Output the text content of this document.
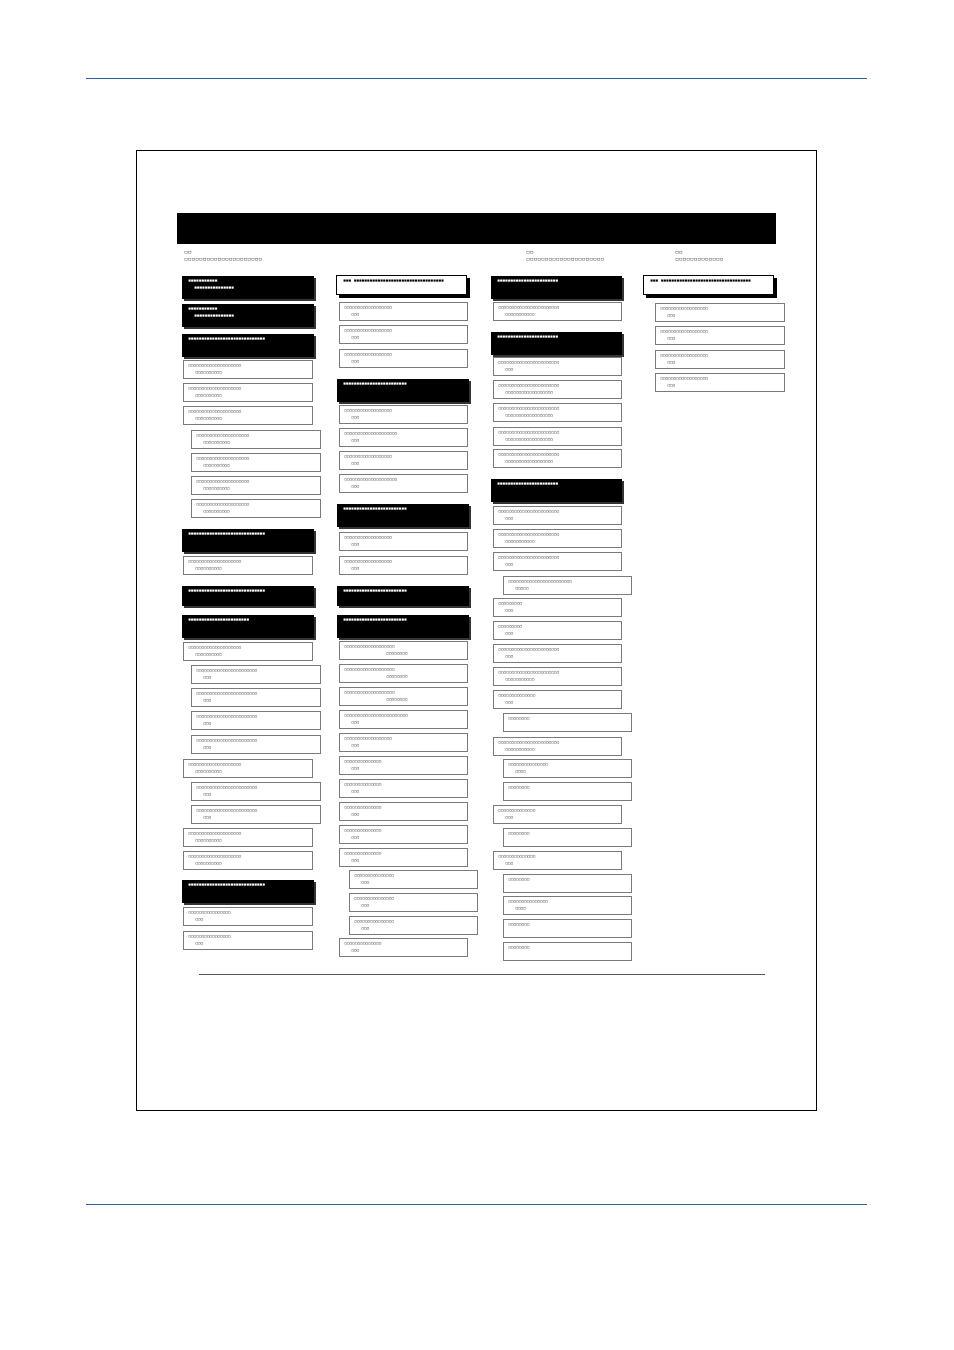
▫▫
▫▫▫▫▫▫▫▫▫▫▫▫▫▫▫▫▫▫▫▫▫
▫▫
▫▫▫▫▫▫▫▫▫▫▫▫▫▫▫▫▫▫▫▫▫
▫▫
▫▫▫▫▫▫▫▫▫▫▫▫▫
▪▪▪▪▪▪▪▪▪▪▪
▪▪▪▪▪▪▪▪▪▪▪▪▪▪▪
▪▪▪▪▪▪▪▪▪▪▪
▪▪▪▪▪▪▪▪▪▪▪▪▪▪▪
▪▪▪▪▪▪▪▪▪▪▪▪▪▪▪▪▪▪▪▪▪▪▪▪▪▪▪▪▪
▫▫▫▫▫▫▫▫▫▫▫▫▫▫▫▫▫▫▫▫
▫▫▫▫▫▫▫▫▫▫
▫▫▫▫▫▫▫▫▫▫▫▫▫▫▫▫▫▫▫▫
▫▫▫▫▫▫▫▫▫▫
▫▫▫▫▫▫▫▫▫▫▫▫▫▫▫▫▫▫▫▫
▫▫▫▫▫▫▫▫▫▫
▫▫▫▫▫▫▫▫▫▫▫▫▫▫▫▫▫▫▫▫
▫▫▫▫▫▫▫▫▫▫
▫▫▫▫▫▫▫▫▫▫▫▫▫▫▫▫▫▫▫▫
▫▫▫▫▫▫▫▫▫▫
▫▫▫▫▫▫▫▫▫▫▫▫▫▫▫▫▫▫▫▫
▫▫▫▫▫▫▫▫▫▫
▫▫▫▫▫▫▫▫▫▫▫▫▫▫▫▫▫▫▫▫
▫▫▫▫▫▫▫▫▫▫
▪▪▪▪▪▪▪▪▪▪▪▪▪▪▪▪▪▪▪▪▪▪▪▪▪▪▪▪▪
▫▫▫▫▫▫▫▫▫▫▫▫▫▫▫▫▫▫▫▫
▫▫▫▫▫▫▫▫▫▫
▪▪▪▪▪▪▪▪▪▪▪▪▪▪▪▪▪▪▪▪▪▪▪▪▪▪▪▪▪
▪▪▪▪▪▪▪▪▪▪▪▪▪▪▪▪▪▪▪▪▪▪▪
▫▫▫▫▫▫▫▫▫▫▫▫▫▫▫▫▫▫▫▫
▫▫▫▫▫▫▫▫▫▫
▫▫▫▫▫▫▫▫▫▫▫▫▫▫▫▫▫▫▫▫▫▫▫
▫▫▫
▫▫▫▫▫▫▫▫▫▫▫▫▫▫▫▫▫▫▫▫▫▫▫
▫▫▫
▫▫▫▫▫▫▫▫▫▫▫▫▫▫▫▫▫▫▫▫▫▫▫
▫▫▫
▫▫▫▫▫▫▫▫▫▫▫▫▫▫▫▫▫▫▫▫▫▫▫
▫▫▫
▫▫▫▫▫▫▫▫▫▫▫▫▫▫▫▫▫▫▫▫
▫▫▫▫▫▫▫▫▫▫
▫▫▫▫▫▫▫▫▫▫▫▫▫▫▫▫▫▫▫▫▫▫▫
▫▫▫
▫▫▫▫▫▫▫▫▫▫▫▫▫▫▫▫▫▫▫▫▫▫▫
▫▫▫
▫▫▫▫▫▫▫▫▫▫▫▫▫▫▫▫▫▫▫▫
▫▫▫▫▫▫▫▫▫▫
▫▫▫▫▫▫▫▫▫▫▫▫▫▫▫▫▫▫▫▫
▫▫▫▫▫▫▫▫▫▫
▪▪▪▪▪▪▪▪▪▪▪▪▪▪▪▪▪▪▪▪▪▪▪▪▪▪▪▪▪
▫▫▫▫▫▫▫▫▫▫▫▫▫▫▫▫
▫▫▫
▫▫▫▫▫▫▫▫▫▫▫▫▫▫▫▫
▫▫▫
▪▪▪ ▪▪▪▪▪▪▪▪▪▪▪▪▪▪▪▪▪▪▪▪▪▪▪▪▪▪▪▪▪▪▪▪▪▪
▫▫▫▫▫▫▫▫▫▫▫▫▫▫▫▫▫▫
▫▫▫
▫▫▫▫▫▫▫▫▫▫▫▫▫▫▫▫▫▫
▫▫▫
▫▫▫▫▫▫▫▫▫▫▫▫▫▫▫▫▫▫
▫▫▫
▪▪▪▪▪▪▪▪▪▪▪▪▪▪▪▪▪▪▪▪▪▪▪▪
▫▫▫▫▫▫▫▫▫▫▫▫▫▫▫▫▫▫
▫▫▫
▫▫▫▫▫▫▫▫▫▫▫▫▫▫▫▫▫▫▫▫
▫▫▫
▫▫▫▫▫▫▫▫▫▫▫▫▫▫▫▫▫▫
▫▫▫
▫▫▫▫▫▫▫▫▫▫▫▫▫▫▫▫▫▫▫▫
▫▫▫
▪▪▪▪▪▪▪▪▪▪▪▪▪▪▪▪▪▪▪▪▪▪▪▪
▫▫▫▫▫▫▫▫▫▫▫▫▫▫▫▫▫▫
▫▫▫
▫▫▫▫▫▫▫▫▫▫▫▫▫▫▫▫▫▫
▫▫▫
▪▪▪▪▪▪▪▪▪▪▪▪▪▪▪▪▪▪▪▪▪▪▪▪
▪▪▪▪▪▪▪▪▪▪▪▪▪▪▪▪▪▪▪▪▪▪▪▪
▫▫▫▫▫▫▫▫▫▫▫▫▫▫▫▫▫▫▫
▫▫▫▫▫▫▫▫
▫▫▫▫▫▫▫▫▫▫▫▫▫▫▫▫▫▫▫
▫▫▫▫▫▫▫▫
▫▫▫▫▫▫▫▫▫▫▫▫▫▫▫▫▫▫▫
▫▫▫▫▫▫▫▫
▫▫▫▫▫▫▫▫▫▫▫▫▫▫▫▫▫▫▫▫▫▫▫▫
▫▫▫
▫▫▫▫▫▫▫▫▫▫▫▫▫▫▫▫▫▫
▫▫▫
▫▫▫▫▫▫▫▫▫▫▫▫▫▫
▫▫▫
▫▫▫▫▫▫▫▫▫▫▫▫▫▫
▫▫▫
▫▫▫▫▫▫▫▫▫▫▫▫▫▫
▫▫▫
▫▫▫▫▫▫▫▫▫▫▫▫▫▫
▫▫▫
▫▫▫▫▫▫▫▫▫▫▫▫▫▫
▫▫▫
▫▫▫▫▫▫▫▫▫▫▫▫▫▫▫
▫▫▫
▫▫▫▫▫▫▫▫▫▫▫▫▫▫▫
▫▫▫
▫▫▫▫▫▫▫▫▫▫▫▫▫▫▫
▫▫▫
▫▫▫▫▫▫▫▫▫▫▫▫▫▫
▫▫▫
▪▪▪▪▪▪▪▪▪▪▪▪▪▪▪▪▪▪▪▪▪▪▪
▫▫▫▫▫▫▫▫▫▫▫▫▫▫▫▫▫▫▫▫▫▫▫
▫▫▫▫▫▫▫▫▫▫▫
▪▪▪▪▪▪▪▪▪▪▪▪▪▪▪▪▪▪▪▪▪▪▪
▫▫▫▫▫▫▫▫▫▫▫▫▫▫▫▫▫▫▫▫▫▫▫
▫▫▫
▫▫▫▫▫▫▫▫▫▫▫▫▫▫▫▫▫▫▫▫▫▫▫
▫▫▫▫▫▫▫▫▫▫▫▫▫▫▫▫▫▫
▫▫▫▫▫▫▫▫▫▫▫▫▫▫▫▫▫▫▫▫▫▫▫
▫▫▫▫▫▫▫▫▫▫▫▫▫▫▫▫▫▫
▫▫▫▫▫▫▫▫▫▫▫▫▫▫▫▫▫▫▫▫▫▫▫
▫▫▫▫▫▫▫▫▫▫▫▫▫▫▫▫▫▫
▫▫▫▫▫▫▫▫▫▫▫▫▫▫▫▫▫▫▫▫▫▫▫
▫▫▫▫▫▫▫▫▫▫▫▫▫▫▫▫▫▫
▪▪▪▪▪▪▪▪▪▪▪▪▪▪▪▪▪▪▪▪▪▪▪
▫▫▫▫▫▫▫▫▫▫▫▫▫▫▫▫▫▫▫▫▫▫▫
▫▫▫
▫▫▫▫▫▫▫▫▫▫▫▫▫▫▫▫▫▫▫▫▫▫▫
▫▫▫▫▫▫▫▫▫▫▫
▫▫▫▫▫▫▫▫▫▫▫▫▫▫▫▫▫▫▫▫▫▫▫
▫▫▫
▫▫▫▫▫▫▫▫▫▫▫▫▫▫▫▫▫▫▫▫▫▫▫▫
▫▫▫▫▫
▫▫▫▫▫▫▫▫▫
▫▫▫
▫▫▫▫▫▫▫▫▫
▫▫▫
▫▫▫▫▫▫▫▫▫▫▫▫▫▫▫▫▫▫▫▫▫▫▫
▫▫▫
▫▫▫▫▫▫▫▫▫▫▫▫▫▫▫▫▫▫▫▫▫▫▫
▫▫▫▫▫▫▫▫▫▫▫
▫▫▫▫▫▫▫▫▫▫▫▫▫▫
▫▫▫
▫▫▫▫▫▫▫▫
▫▫▫▫▫▫▫▫▫▫▫▫▫▫▫▫▫▫▫▫▫▫▫
▫▫▫▫▫▫▫▫▫▫▫
▫▫▫▫▫▫▫▫▫▫▫▫▫▫▫
▫▫▫▫
▫▫▫▫▫▫▫▫
▫▫▫▫▫▫▫▫▫▫▫▫▫▫
▫▫▫
▫▫▫▫▫▫▫▫
▫▫▫▫▫▫▫▫▫▫▫▫▫▫
▫▫▫
▫▫▫▫▫▫▫▫
▫▫▫▫▫▫▫▫▫▫▫▫▫▫▫
▫▫▫▫
▫▫▫▫▫▫▫▫
▫▫▫▫▫▫▫▫
▪▪▪ ▪▪▪▪▪▪▪▪▪▪▪▪▪▪▪▪▪▪▪▪▪▪▪▪▪▪▪▪▪▪▪▪▪▪
▫▫▫▫▫▫▫▫▫▫▫▫▫▫▫▫▫▫
▫▫▫
▫▫▫▫▫▫▫▫▫▫▫▫▫▫▫▫▫▫
▫▫▫
▫▫▫▫▫▫▫▫▫▫▫▫▫▫▫▫▫▫
▫▫▫
▫▫▫▫▫▫▫▫▫▫▫▫▫▫▫▫▫▫
▫▫▫
